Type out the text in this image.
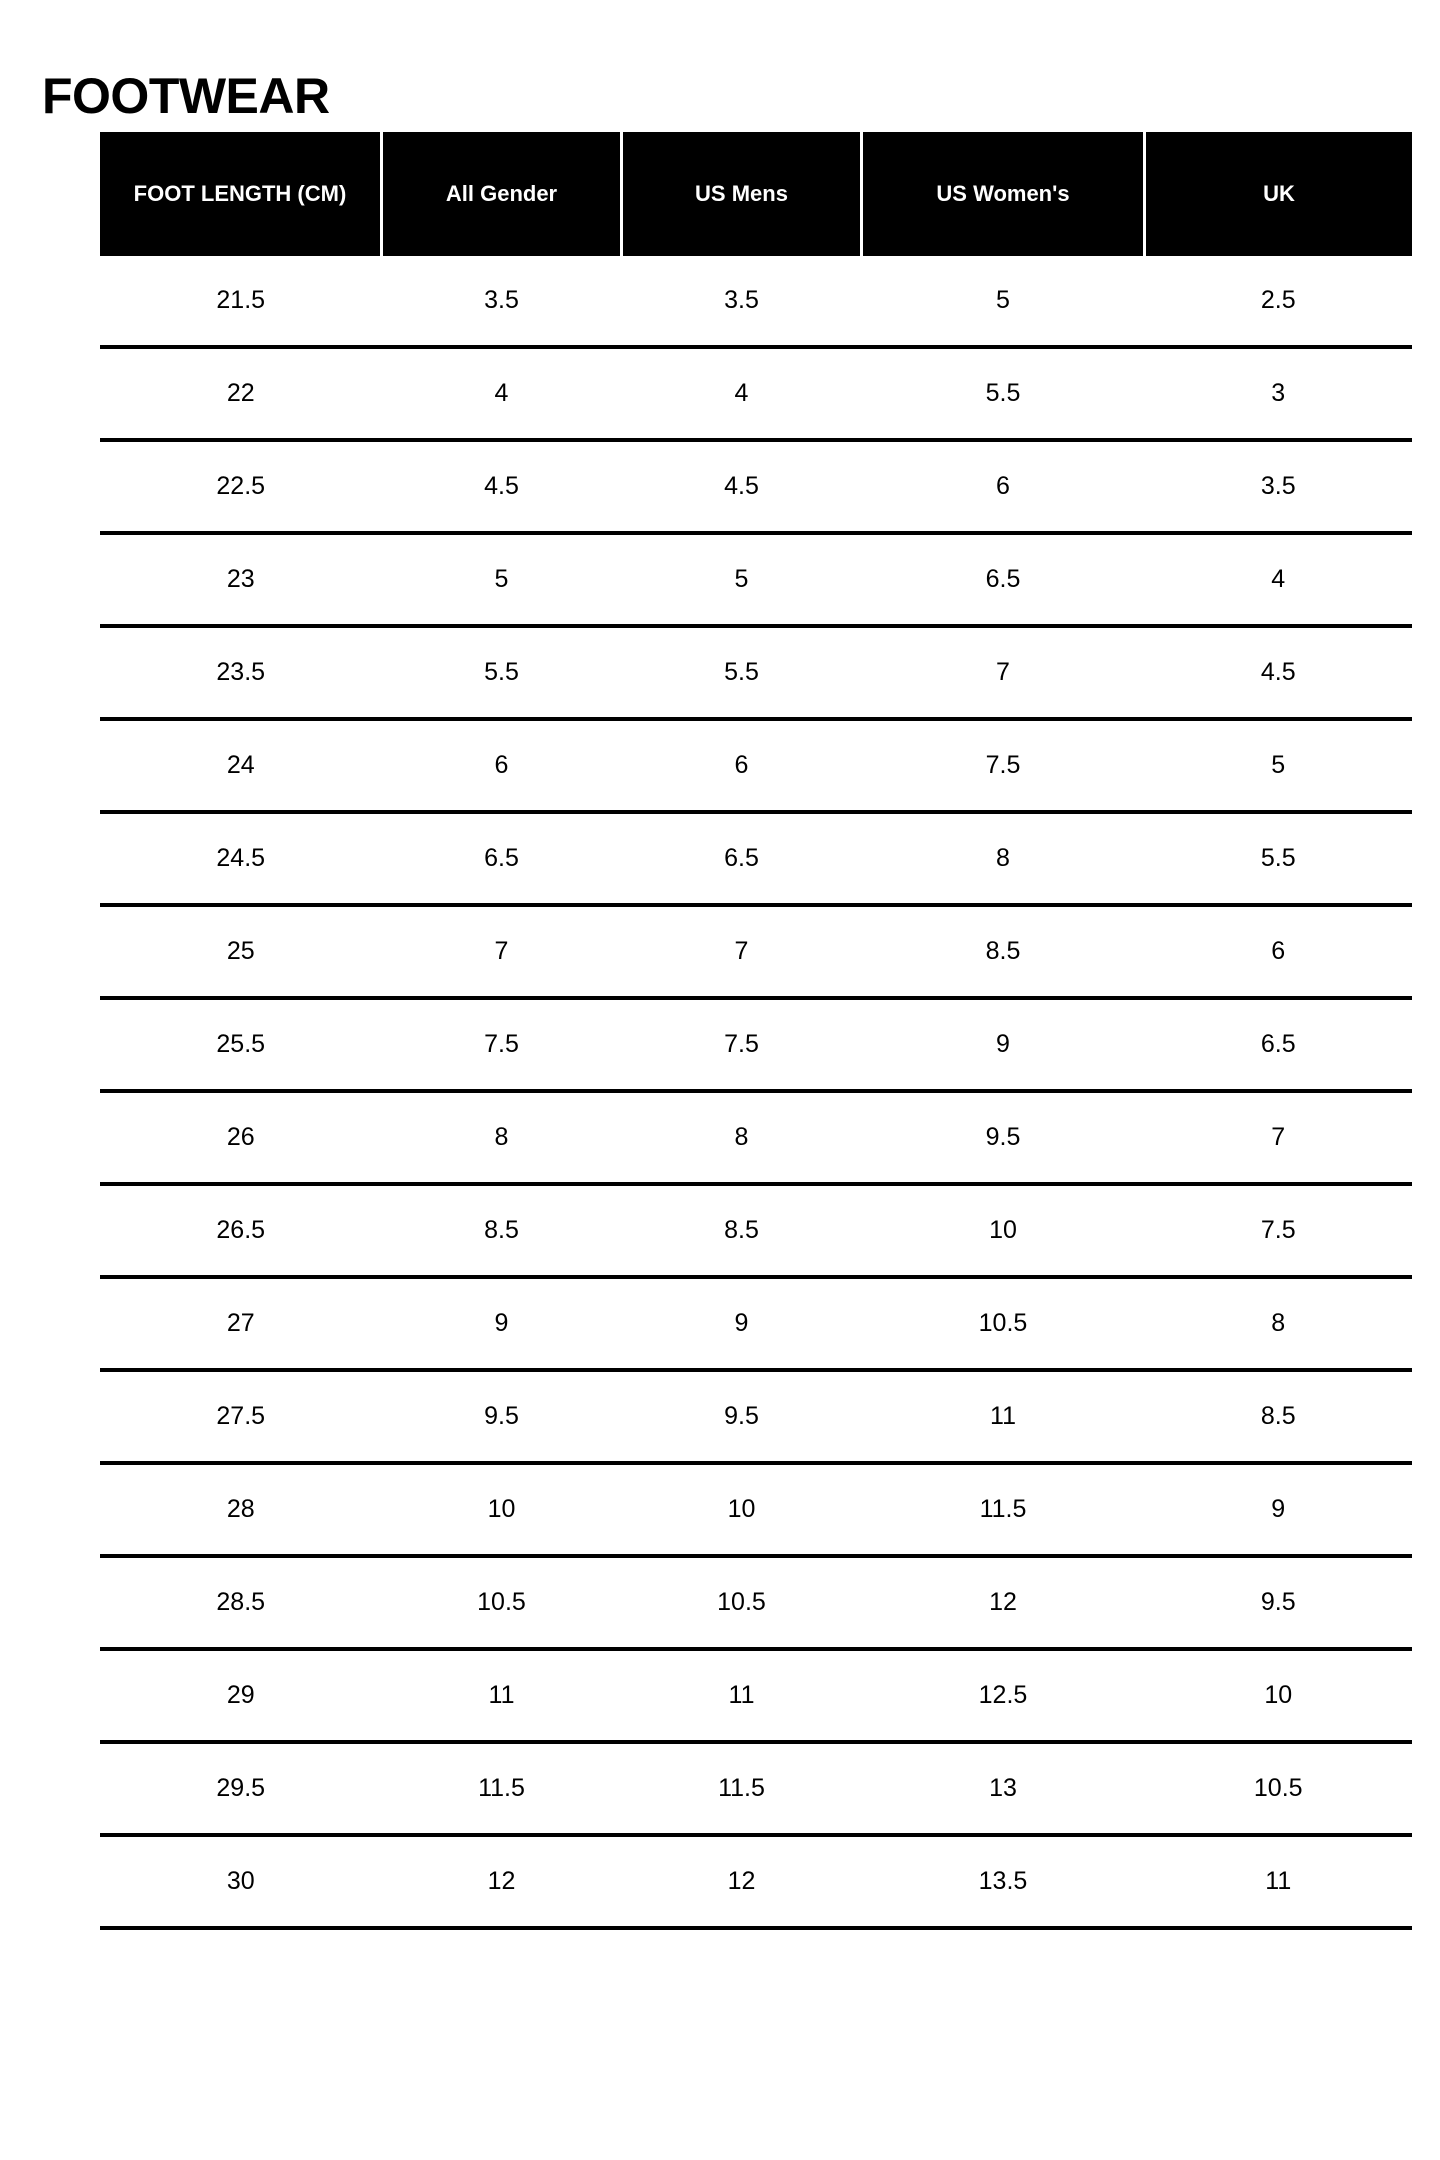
FOOTWEAR
FOOT LENGTH (CM)	All Gender	US Mens	US Women's	UK
21.5	3.5	3.5	5	2.5
22	4	4	5.5	3
22.5	4.5	4.5	6	3.5
23	5	5	6.5	4
23.5	5.5	5.5	7	4.5
24	6	6	7.5	5
24.5	6.5	6.5	8	5.5
25	7	7	8.5	6
25.5	7.5	7.5	9	6.5
26	8	8	9.5	7
26.5	8.5	8.5	10	7.5
27	9	9	10.5	8
27.5	9.5	9.5	11	8.5
28	10	10	11.5	9
28.5	10.5	10.5	12	9.5
29	11	11	12.5	10
29.5	11.5	11.5	13	10.5
30	12	12	13.5	11
